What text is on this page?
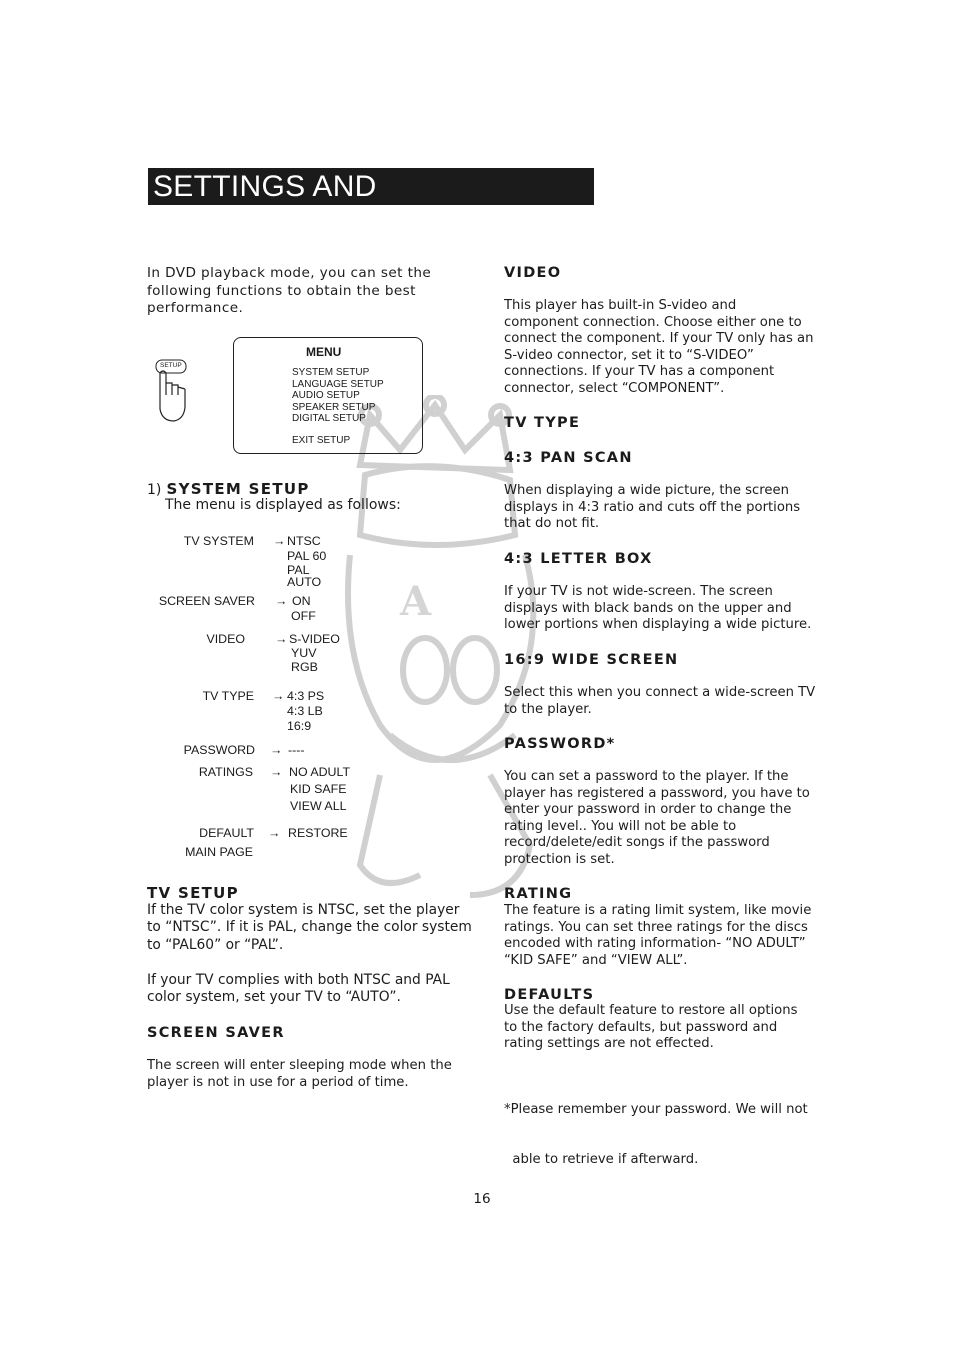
SETTINGS AND ADJUSTMENTS
A
In DVD playback mode, you can set the
following functions to obtain the best
performance.
SETUP
MENU
SYSTEM SETUP
LANGUAGE SETUP
AUDIO SETUP
SPEAKER SETUP
DIGITAL SETUP
EXIT SETUP
1) SYSTEM SETUP
The menu is displayed as follows:
TV SYSTEM → NTSC
PAL 60
PAL
AUTO
SCREEN SAVER → ON
OFF
VIDEO → S-VIDEO
YUV
RGB
TV TYPE → 4:3 PS
4:3 LB
16:9
PASSWORD → ----
RATINGS → NO ADULT
KID SAFE
VIEW ALL
DEFAULT → RESTORE
MAIN PAGE
TV SETUP
If the TV color system is NTSC, set the player
to “NTSC”. If it is PAL, change the color system
to “PAL60” or “PAL”.
If your TV complies with both NTSC and PAL
color system, set your TV to “AUTO”.
SCREEN SAVER
The screen will enter sleeping mode when the
player is not in use for a period of time.
VIDEO
This player has built-in S-video and
component connection. Choose either one to
connect the component. If your TV only has an
S-video connector, set it to “S-VIDEO”
connections. If your TV has a component
connector, select “COMPONENT”.
TV TYPE
4:3 PAN SCAN
When displaying a wide picture, the screen
displays in 4:3 ratio and cuts off the portions
that do not fit.
4:3 LETTER BOX
If your TV is not wide-screen. The screen
displays with black bands on the upper and
lower portions when displaying a wide picture.
16:9 WIDE SCREEN
Select this when you connect a wide-screen TV
to the player.
PASSWORD*
You can set a password to the player. If the
player has registered a password, you have to
enter your password in order to change the
rating level.. You will not be able to
record/delete/edit songs if the password
protection is set.
RATING
The feature is a rating limit system, like movie
ratings. You can set three ratings for the discs
encoded with rating information- “NO ADULT”
“KID SAFE” and “VIEW ALL”.
DEFAULTS
Use the default feature to restore all options
to the factory defaults, but password and
rating settings are not effected.

*Please remember your password. We will not

able to retrieve if afterward.

16
